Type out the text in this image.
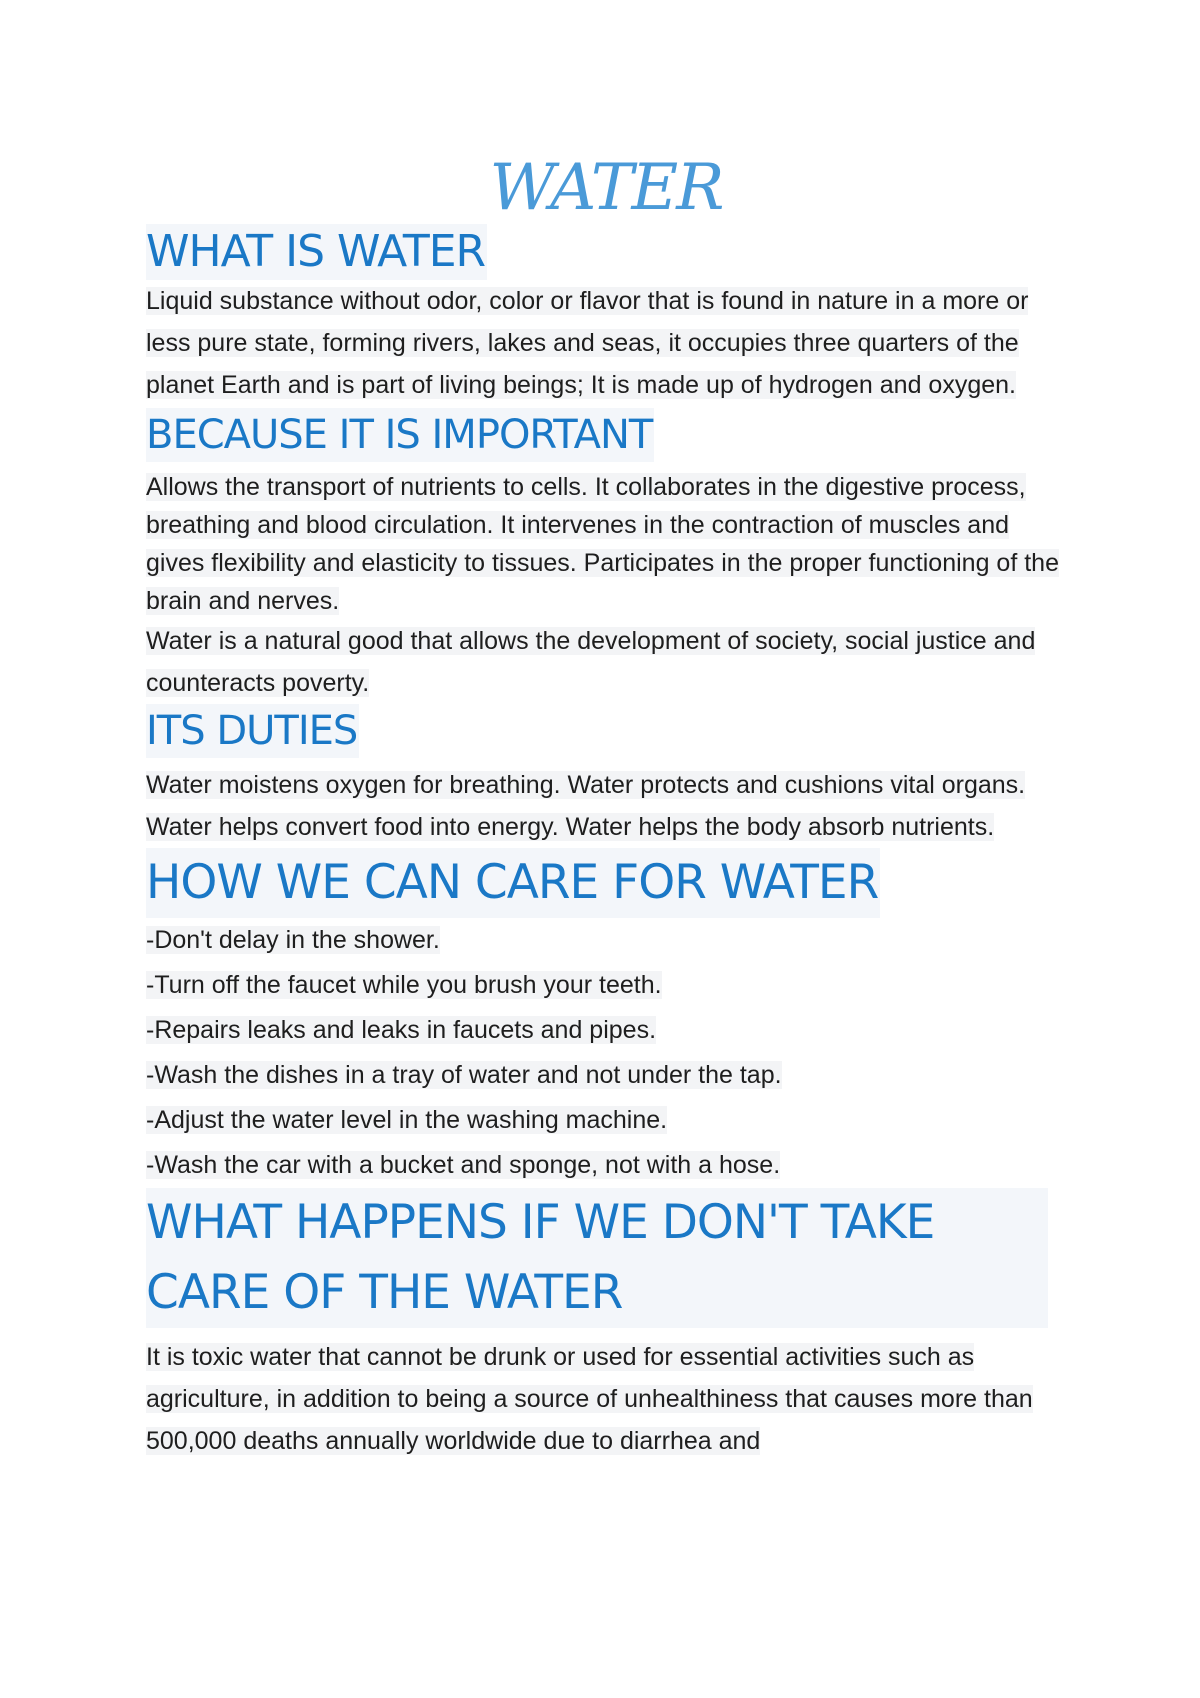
WATER
WHAT IS WATER

Liquid substance without odor, color or flavor that is found in nature in a more or less pure state, forming rivers, lakes and seas, it occupies three quarters of the planet Earth and is part of living beings; It is made up of hydrogen and oxygen.

BECAUSE IT IS IMPORTANT

Allows the transport of nutrients to cells. It collaborates in the digestive process, breathing and blood circulation. It intervenes in the contraction of muscles and gives flexibility and elasticity to tissues. Participates in the proper functioning of the brain and nerves.

Water is a natural good that allows the development of society, social justice and counteracts poverty.

ITS DUTIES

Water moistens oxygen for breathing. Water protects and cushions vital organs. Water helps convert food into energy. Water helps the body absorb nutrients.

HOW WE CAN CARE FOR WATER
-Don't delay in the shower.
-Turn off the faucet while you brush your teeth.
-Repairs leaks and leaks in faucets and pipes.
-Wash the dishes in a tray of water and not under the tap.
-Adjust the water level in the washing machine.
-Wash the car with a bucket and sponge, not with a hose.
WHAT HAPPENS IF WE DON'T TAKE CARE OF THE WATER

It is toxic water that cannot be drunk or used for essential activities such as agriculture, in addition to being a source of unhealthiness that causes more than 500,000 deaths annually worldwide due to diarrhea and
